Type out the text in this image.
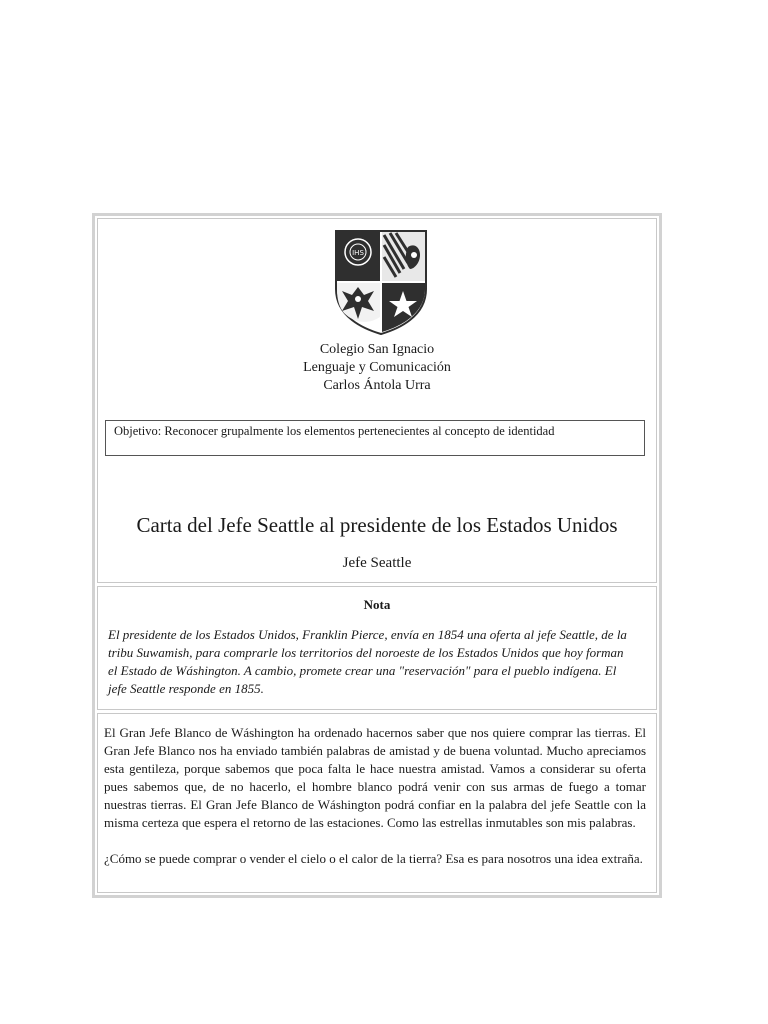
IHS
Colegio San Ignacio
Lenguaje y Comunicación
Carlos Ántola Urra
Objetivo: Reconocer grupalmente los elementos pertenecientes al concepto de identidad
Carta del Jefe Seattle al presidente de los Estados Unidos
Jefe Seattle
Nota
El presidente de los Estados Unidos, Franklin Pierce, envía en 1854 una oferta al jefe Seattle, de la tribu Suwamish, para comprarle los territorios del noroeste de los Estados Unidos que hoy forman el Estado de Wáshington. A cambio, promete crear una "reservación" para el pueblo indígena. El jefe Seattle responde en 1855.

El Gran Jefe Blanco de Wáshington ha ordenado hacernos saber que nos quiere comprar las tierras. El Gran Jefe Blanco nos ha enviado también palabras de amistad y de buena voluntad. Mucho apreciamos esta gentileza, porque sabemos que poca falta le hace nuestra amistad. Vamos a considerar su oferta pues sabemos que, de no hacerlo, el hombre blanco podrá venir con sus armas de fuego a tomar nuestras tierras. El Gran Jefe Blanco de Wáshington podrá confiar en la palabra del jefe Seattle con la misma certeza que espera el retorno de las estaciones. Como las estrellas inmutables son mis palabras.

¿Cómo se puede comprar o vender el cielo o el calor de la tierra? Esa es para nosotros una idea extraña.
